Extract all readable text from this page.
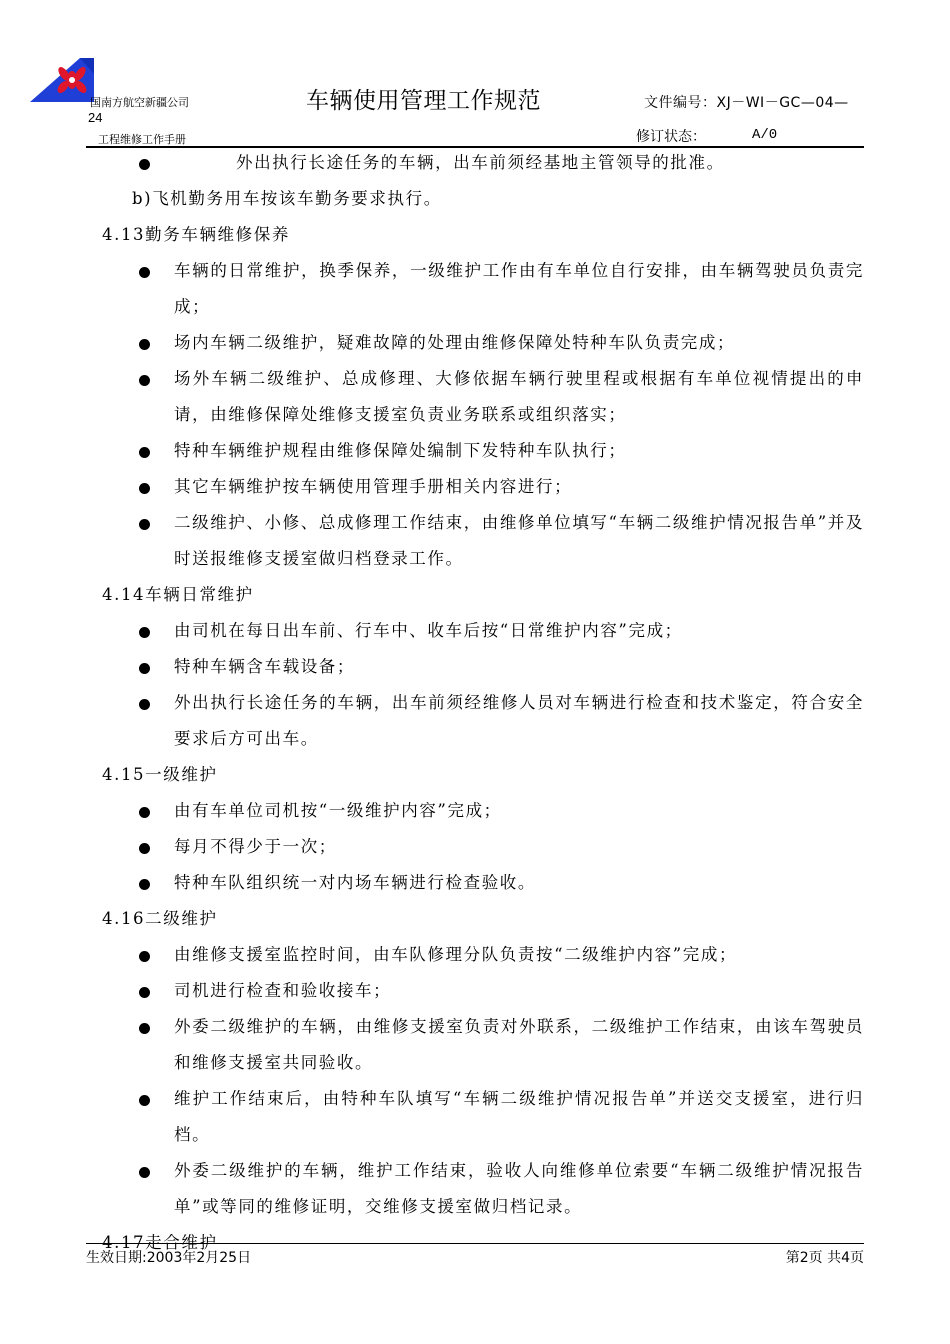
国南方航空新疆公司
24
车辆使用管理工作规范	文件编号：XJ－WI－GC—04—
工程维修工作手册	修订状态：	A/0
外出执行长途任务的车辆，出车前须经基地主管领导的批准。
b)飞机勤务用车按该车勤务要求执行。
4.13勤务车辆维修保养
车辆的日常维护，换季保养，一级维护工作由有车单位自行安排，由车辆驾驶员负责完成；
场内车辆二级维护，疑难故障的处理由维修保障处特种车队负责完成；
场外车辆二级维护、总成修理、大修依据车辆行驶里程或根据有车单位视情提出的申请，由维修保障处维修支援室负责业务联系或组织落实；
特种车辆维护规程由维修保障处编制下发特种车队执行；
其它车辆维护按车辆使用管理手册相关内容进行；
二级维护、小修、总成修理工作结束，由维修单位填写“车辆二级维护情况报告单”并及时送报维修支援室做归档登录工作。
4.14车辆日常维护
由司机在每日出车前、行车中、收车后按“日常维护内容”完成；
特种车辆含车载设备；
外出执行长途任务的车辆，出车前须经维修人员对车辆进行检查和技术鉴定，符合安全要求后方可出车。
4.15一级维护
由有车单位司机按“一级维护内容”完成；
每月不得少于一次；
特种车队组织统一对内场车辆进行检查验收。
4.16二级维护
由维修支援室监控时间，由车队修理分队负责按“二级维护内容”完成；
司机进行检查和验收接车；
外委二级维护的车辆，由维修支援室负责对外联系，二级维护工作结束，由该车驾驶员和维修支援室共同验收。
维护工作结束后，由特种车队填写“车辆二级维护情况报告单”并送交支援室，进行归档。
外委二级维护的车辆，维护工作结束，验收人向维修单位索要“车辆二级维护情况报告单”或等同的维修证明，交维修支援室做归档记录。
4.17走合维护
生效日期:2003年2月25日	第2页 共4页
